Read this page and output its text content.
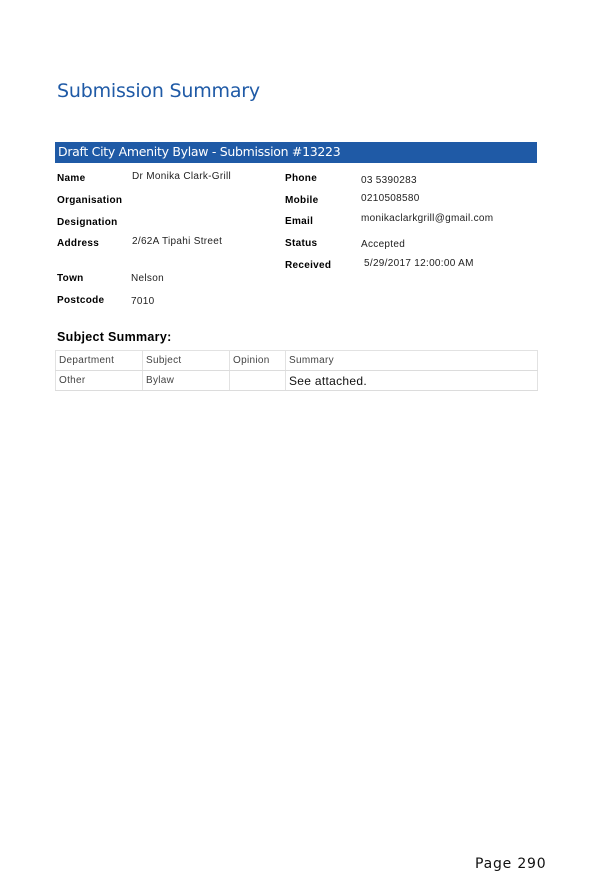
Submission Summary
Draft City Amenity Bylaw - Submission #13223
Name	Dr Monika Clark-Grill
Organisation
Designation
Address	2/62A Tipahi Street
Town	Nelson
Postcode	7010
Phone	03 5390283
Mobile	0210508580
Email	monikaclarkgrill@gmail.com
Status	Accepted
Received	5/29/2017 12:00:00 AM
Subject Summary:
Department	Subject	Opinion	Summary
Other	Bylaw		See attached.
Page 290
